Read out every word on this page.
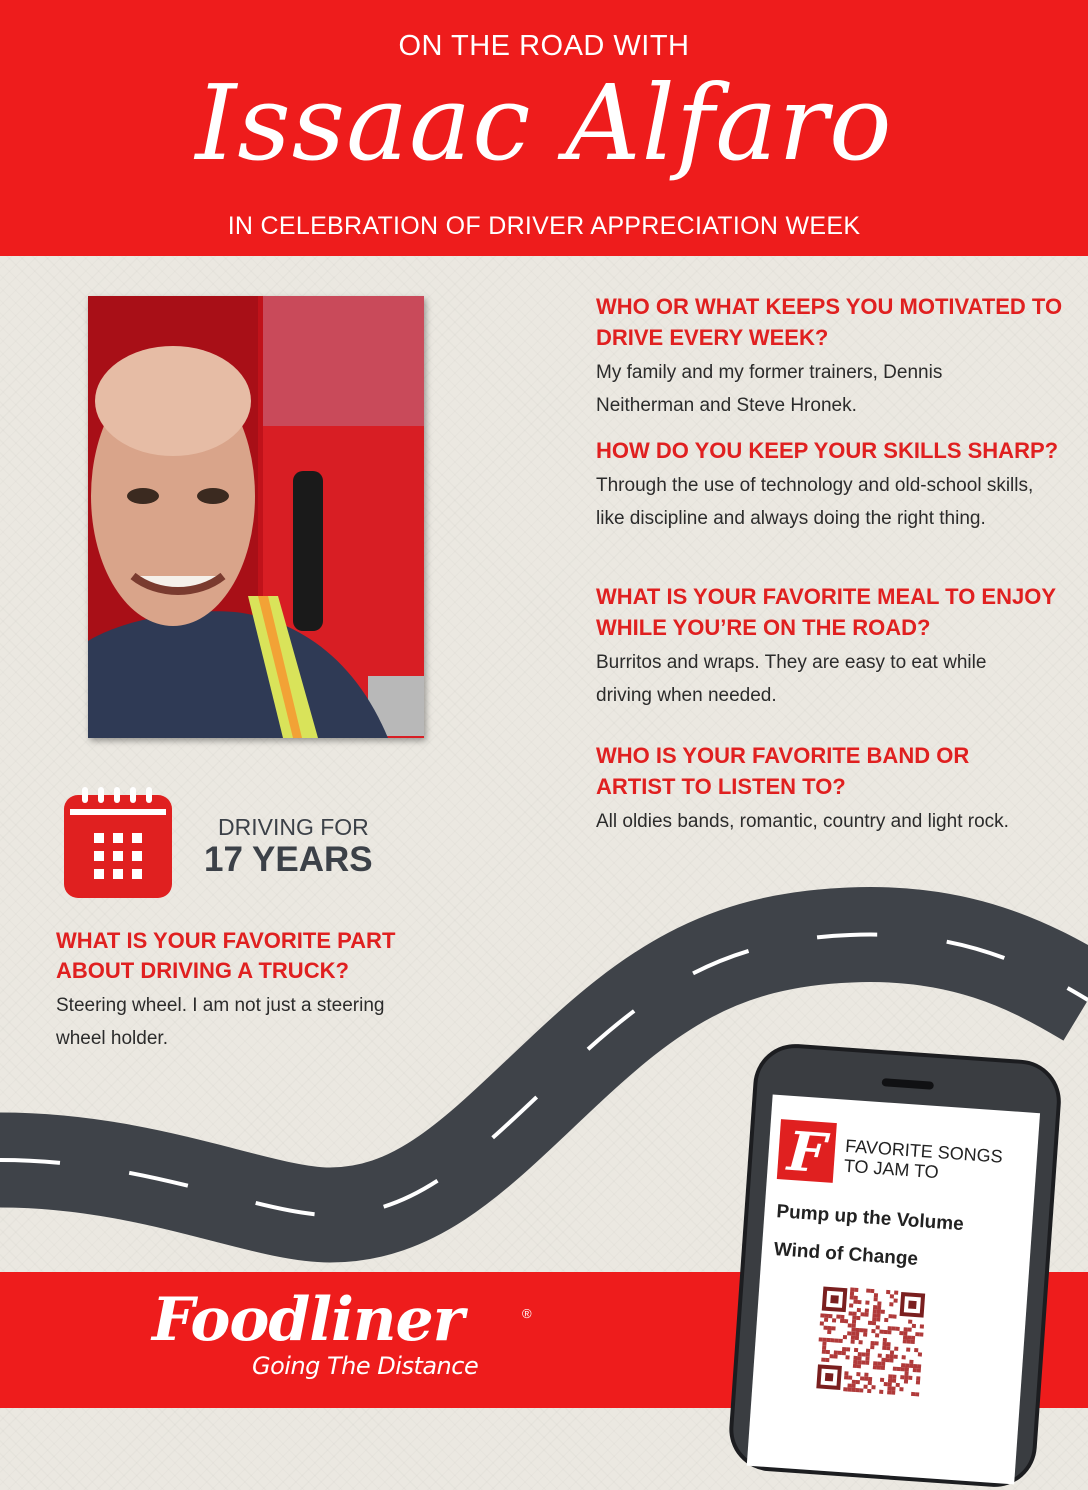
ON THE ROAD WITH
Issaac Alfaro
IN CELEBRATION OF DRIVER APPRECIATION WEEK
WHO OR WHAT KEEPS YOU MOTIVATED TO DRIVE EVERY WEEK?
My family and my former trainers, Dennis Neitherman and Steve Hronek.
HOW DO YOU KEEP YOUR SKILLS SHARP?
Through the use of technology and old-school skills, like discipline and always doing the right thing.
WHAT IS YOUR FAVORITE MEAL TO ENJOY WHILE YOU’RE ON THE ROAD?
Burritos and wraps. They are easy to eat while driving when needed.
WHO IS YOUR FAVORITE BAND OR ARTIST TO LISTEN TO?
All oldies bands, romantic, country and light rock.
DRIVING FOR
17 YEARS
WHAT IS YOUR FAVORITE PART ABOUT DRIVING A TRUCK?
Steering wheel. I am not just a steering wheel holder.
Foodliner	®
Going The Distance
F FAVORITE SONGS TO JAM TO
Pump up the Volume
Wind of Change
